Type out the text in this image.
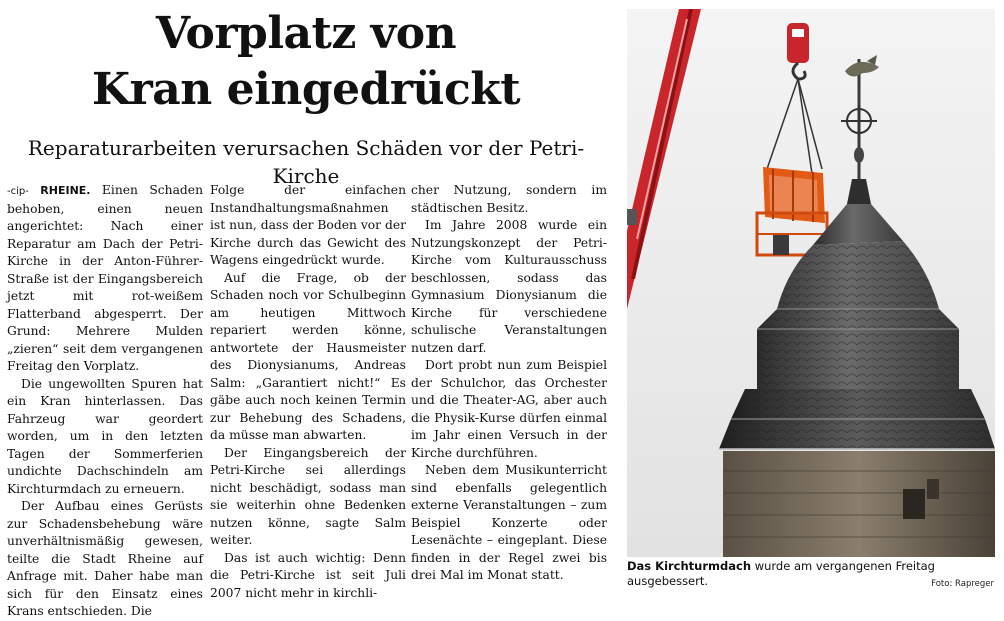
Vorplatz von
Kran eingedrückt
Reparaturarbeiten verursachen Schäden vor der Petri-Kirche

-cip- RHEINE. Einen Schaden behoben, einen neuen angerichtet: Nach einer Reparatur am Dach der Petri-Kirche in der Anton-Führer-Straße ist der Eingangsbereich jetzt mit rot-weißem Flatterband abgesperrt. Der Grund: Mehrere Mulden „zieren“ seit dem vergangenen Freitag den Vorplatz.

Die ungewollten Spuren hat ein Kran hinterlassen. Das Fahrzeug war geordert worden, um in den letzten Tagen der Sommerferien undichte Dachschindeln am Kirchturmdach zu erneuern.

Der Aufbau eines Gerüsts zur Schadensbehebung wäre unverhältnismäßig gewesen, teilte die Stadt Rheine auf Anfrage mit. Daher habe man sich für den Einsatz eines Krans entschieden. Die

Folge der einfachen Instandhaltungsmaßnahmen ist nun, dass der Boden vor der Kirche durch das Gewicht des Wagens eingedrückt wurde.

Auf die Frage, ob der Schaden noch vor Schulbeginn am heutigen Mittwoch repariert werden könne, antwortete der Hausmeister des Dionysianums, Andreas Salm: „Garantiert nicht!“ Es gäbe auch noch keinen Termin zur Behebung des Schadens, da müsse man abwarten.

Der Eingangsbereich der Petri-Kirche sei allerdings nicht beschädigt, sodass man sie weiterhin ohne Bedenken nutzen könne, sagte Salm weiter.

Das ist auch wichtig: Denn die Petri-Kirche ist seit Juli 2007 nicht mehr in kirchli-

cher Nutzung, sondern im städtischen Besitz.

Im Jahre 2008 wurde ein Nutzungskonzept der Petri-Kirche vom Kulturausschuss beschlossen, sodass das Gymnasium Dionysianum die Kirche für verschiedene schulische Veranstaltungen nutzen darf.

Dort probt nun zum Beispiel der Schulchor, das Orchester und die Theater-AG, aber auch die Physik-Kurse dürfen einmal im Jahr einen Versuch in der Kirche durchführen.

Neben dem Musikunterricht sind ebenfalls gelegentlich externe Veranstaltungen – zum Beispiel Konzerte oder Lesenächte – eingeplant. Diese finden in der Regel zwei bis drei Mal im Monat statt.

Das Kirchturmdach wurde am vergangenen Freitag ausgebessert.	Foto: Rapreger
